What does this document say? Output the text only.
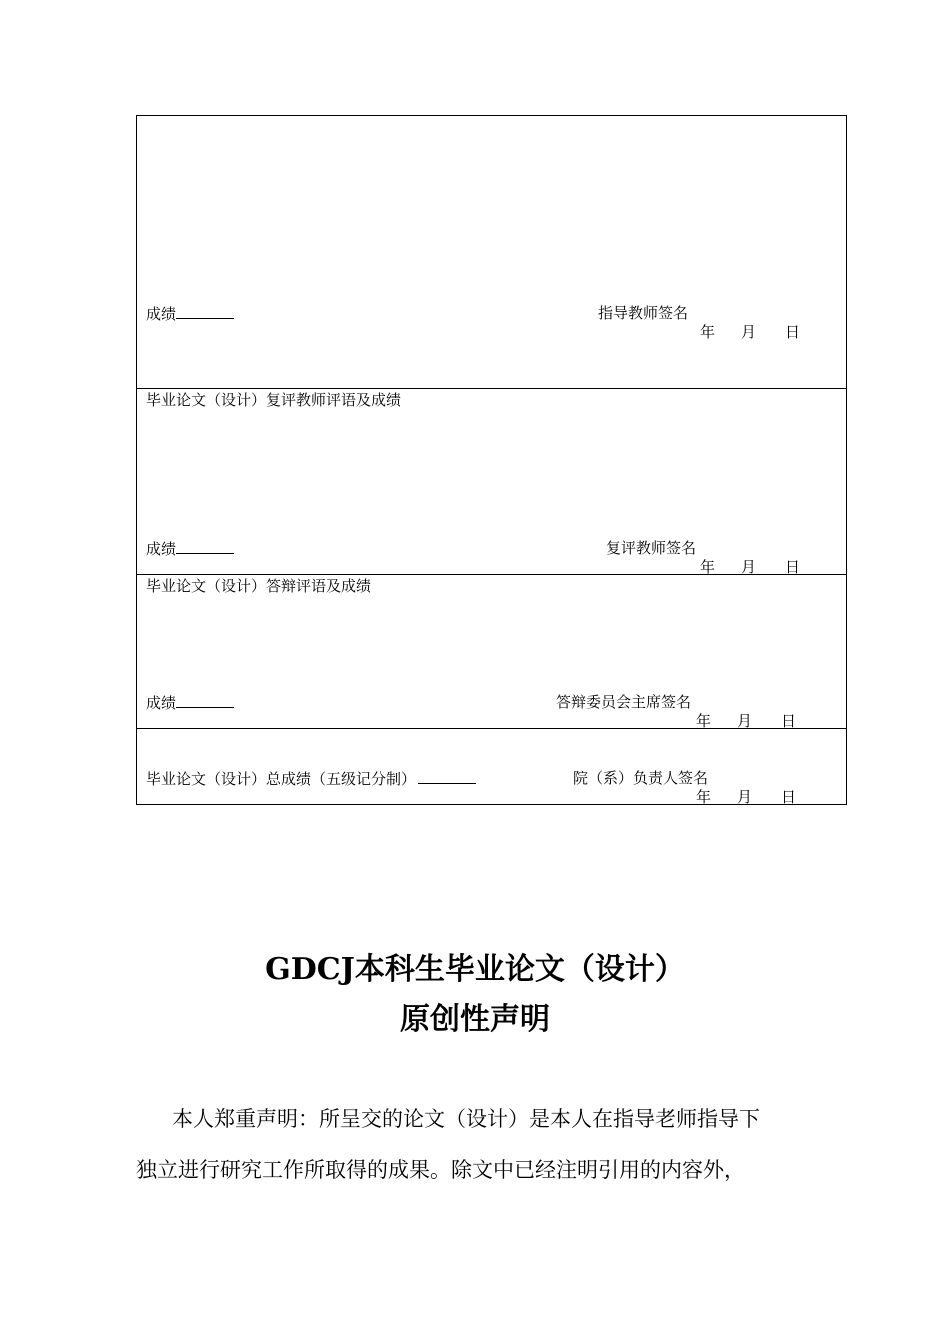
成绩	指导教师签名
年 月 日
毕业论文（设计）复评教师评语及成绩
成绩	复评教师签名
年 月 日
毕业论文（设计）答辩评语及成绩
成绩	答辩委员会主席签名
年 月 日
毕业论文（设计）总成绩（五级记分制）	院（系）负责人签名
年 月 日
GDCJ本科生毕业论文（设计）
原创性声明
本人郑重声明：所呈交的论文（设计）是本人在指导老师指导下
独立进行研究工作所取得的成果。除文中已经注明引用的内容外，
